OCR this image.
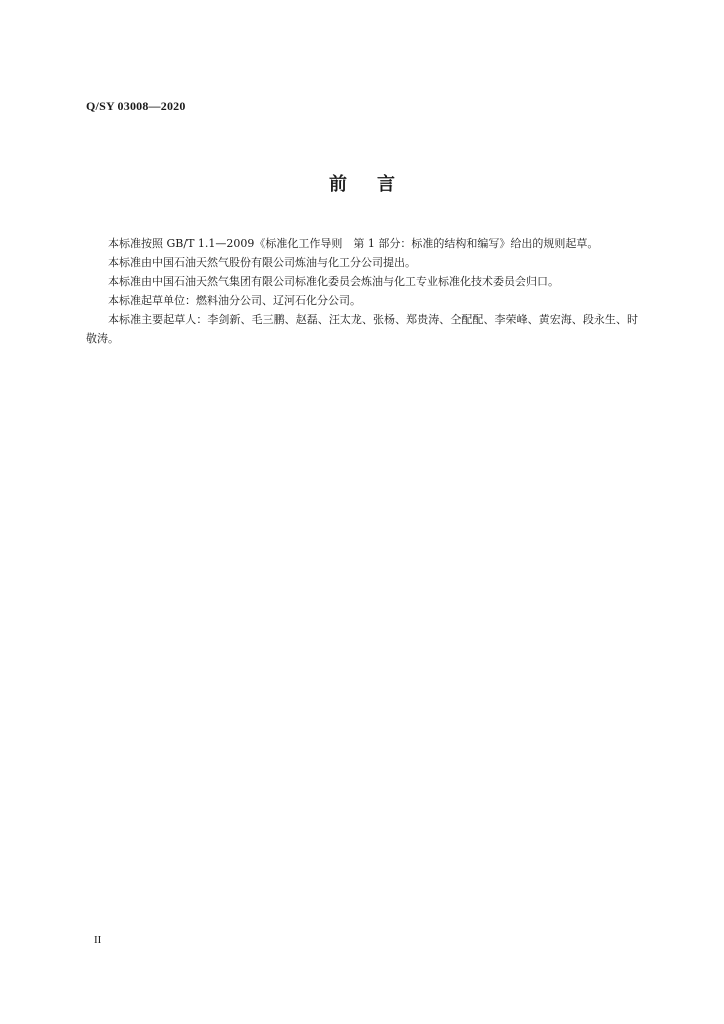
Q/SY 03008—2020
前言

本标准按照 GB/T 1.1—2009《标准化工作导则　第 1 部分：标准的结构和编写》给出的规则起草。

本标准由中国石油天然气股份有限公司炼油与化工分公司提出。

本标准由中国石油天然气集团有限公司标准化委员会炼油与化工专业标准化技术委员会归口。

本标准起草单位：燃料油分公司、辽河石化分公司。

本标准主要起草人：李剑新、毛三鹏、赵磊、汪太龙、张杨、郑贵涛、仝配配、李荣峰、黄宏海、段永生、时敬涛。

II
